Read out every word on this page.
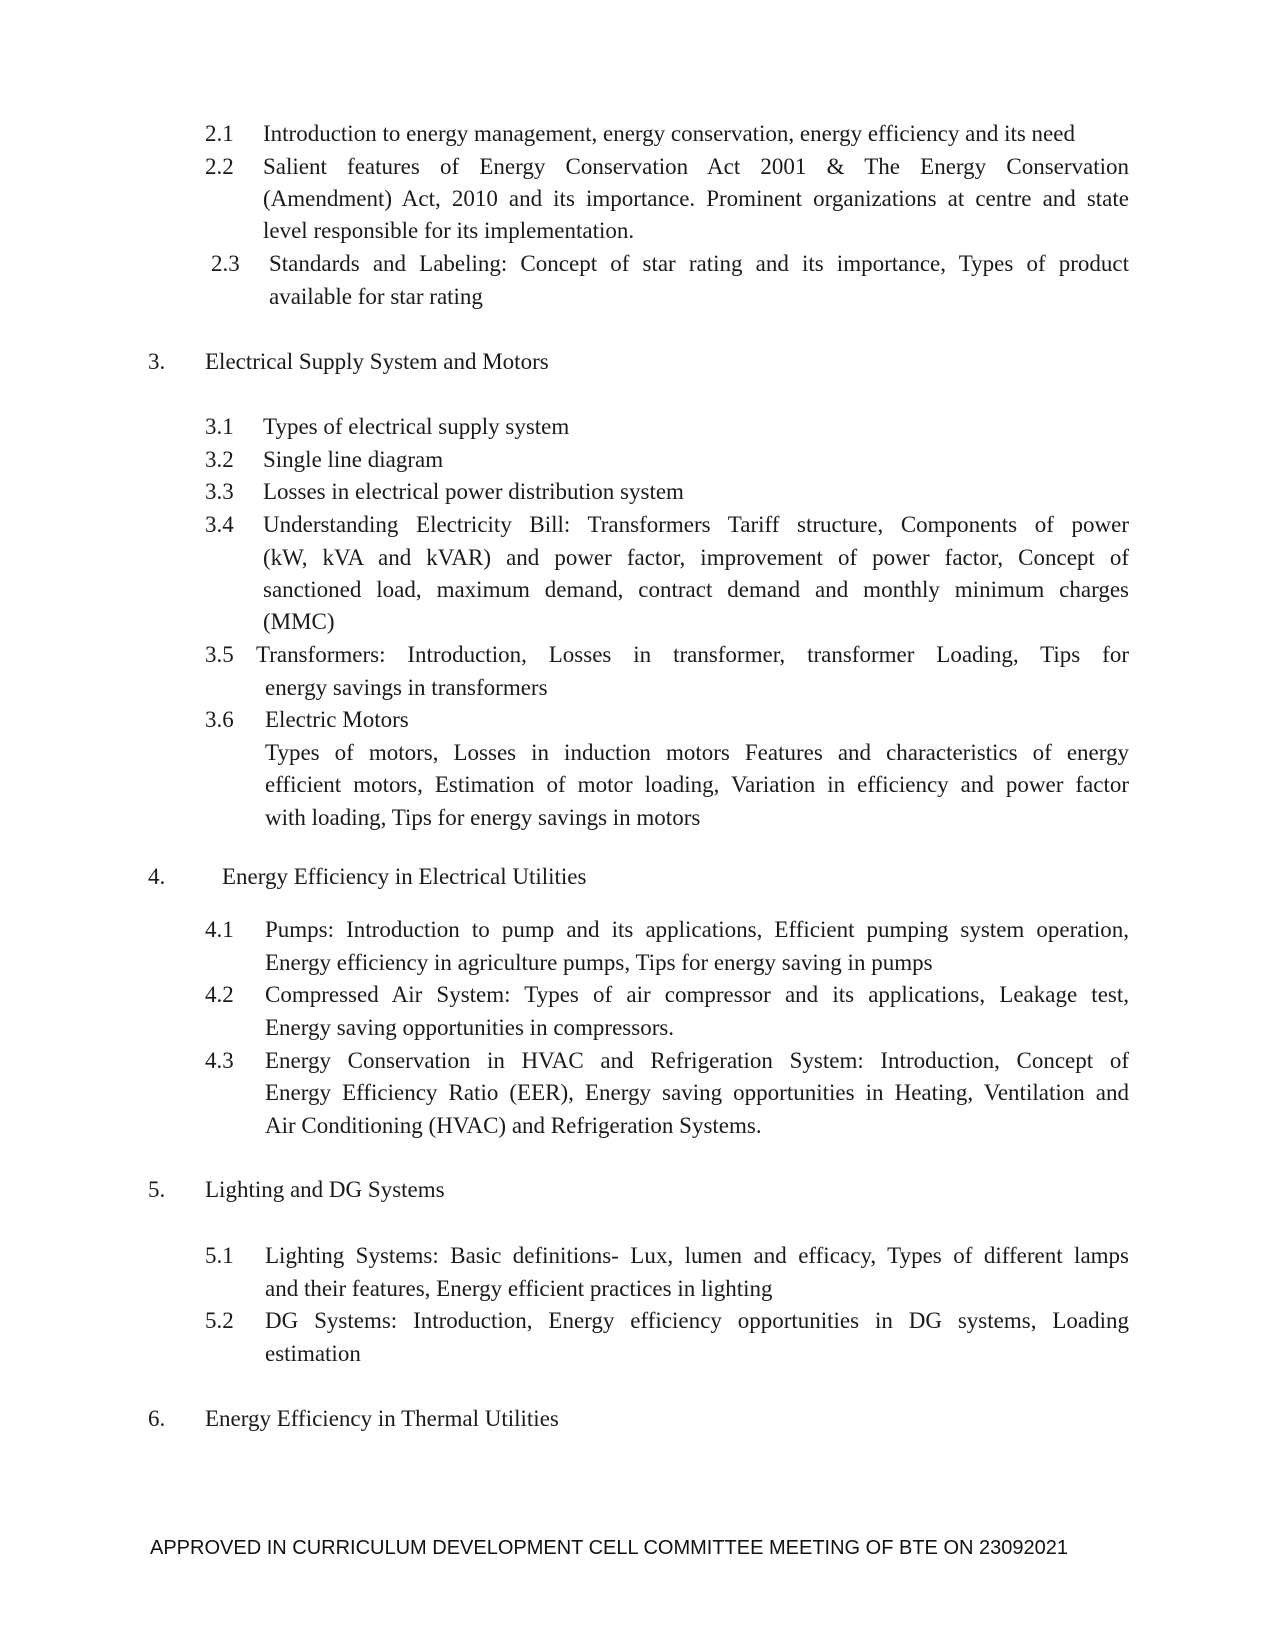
2.1 Introduction to energy management, energy conservation, energy efficiency and its need
2.2 Salient features of Energy Conservation Act 2001 & The Energy Conservation
(Amendment) Act, 2010 and its importance. Prominent organizations at centre and state
level responsible for its implementation.
2.3 Standards and Labeling: Concept of star rating and its importance, Types of product
available for star rating
3. Electrical Supply System and Motors
3.1 Types of electrical supply system
3.2 Single line diagram
3.3 Losses in electrical power distribution system
3.4 Understanding Electricity Bill: Transformers Tariff structure, Components of power
(kW, kVA and kVAR) and power factor, improvement of power factor, Concept of
sanctioned load, maximum demand, contract demand and monthly minimum charges
(MMC)
3.5 Transformers: Introduction, Losses in transformer, transformer Loading, Tips for
energy savings in transformers
3.6 Electric Motors
Types of motors, Losses in induction motors Features and characteristics of energy
efficient motors, Estimation of motor loading, Variation in efficiency and power factor
with loading, Tips for energy savings in motors
4. Energy Efficiency in Electrical Utilities
4.1 Pumps: Introduction to pump and its applications, Efficient pumping system operation,
Energy efficiency in agriculture pumps, Tips for energy saving in pumps
4.2 Compressed Air System: Types of air compressor and its applications, Leakage test,
Energy saving opportunities in compressors.
4.3 Energy Conservation in HVAC and Refrigeration System: Introduction, Concept of
Energy Efficiency Ratio (EER), Energy saving opportunities in Heating, Ventilation and
Air Conditioning (HVAC) and Refrigeration Systems.
5. Lighting and DG Systems
5.1 Lighting Systems: Basic definitions- Lux, lumen and efficacy, Types of different lamps
and their features, Energy efficient practices in lighting
5.2 DG Systems: Introduction, Energy efficiency opportunities in DG systems, Loading
estimation
6. Energy Efficiency in Thermal Utilities
APPROVED IN CURRICULUM DEVELOPMENT CELL COMMITTEE MEETING OF BTE ON 23092021
